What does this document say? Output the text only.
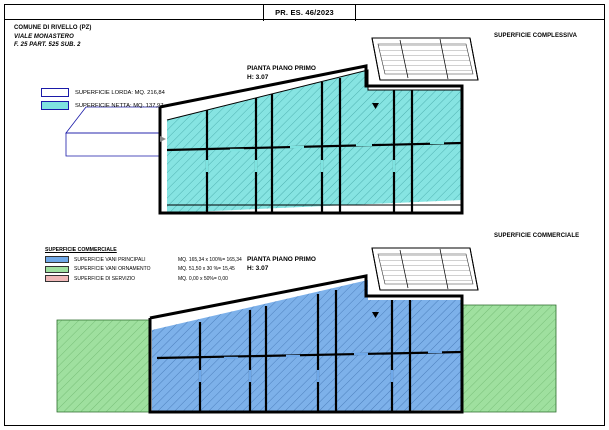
PR. ES. 46/2023
COMUNE DI RIVELLO (PZ)
VIALE MONASTERO
F. 25 PART. 525 SUB. 2
SUPERFICIE COMPLESSIVA
PIANTA PIANO PRIMO
H: 3.07
SUPERFICIE LORDA: MQ. 216,84
SUPERFICIE NETTA: MQ. 137,97
SUPERFICIE COMMERCIALE
PIANTA PIANO PRIMO
H: 3.07
SUPERFICIE COMMERCIALE
SUPERFICIE VANI PRINCIPALI	MQ. 165,34 x 100%= 165,34
SUPERFICIE VANI ORNAMENTO	MQ. 51,50 x 30 %= 15,45
SUPERFICIE DI SERVIZIO	MQ. 0,00 x 50%= 0,00
